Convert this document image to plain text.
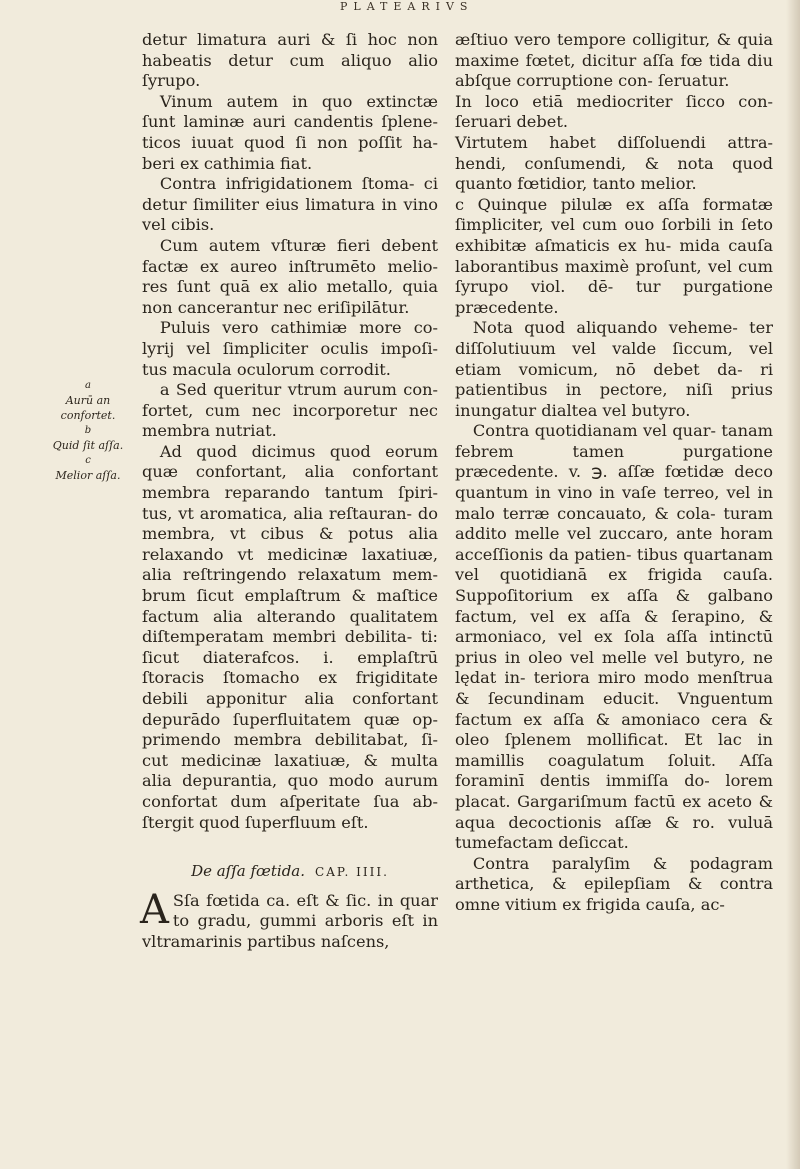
PLATEARIVS
a
Aurū an confortet.
b
Quid ſit aſſa.
c
Melior aſſa.

detur limatura auri & ſi hoc non habeatis detur cum aliquo alio ſyrupo.

Vinum autem in quo extinctæ ſunt laminæ auri candentis ſplene- ticos iuuat quod ſi non poſſit ha- beri ex cathimia fiat.

Contra infrigidationem ſtoma- ci detur ſimiliter eius limatura in vino vel cibis.

Cum autem vſturæ fieri debent factæ ex aureo inſtrumēto melio- res ſunt quā ex alio metallo, quia non cancerantur nec eriſipilātur.

Puluis vero cathimiæ more co- lyrij vel ſimpliciter oculis impoſi- tus macula oculorum corrodit.

a Sed queritur vtrum aurum con- fortet, cum nec incorporetur nec membra nutriat.

Ad quod dicimus quod eorum quæ confortant, alia confortant membra reparando tantum ſpiri- tus, vt aromatica, alia reſtauran- do membra, vt cibus & potus alia relaxando vt medicinæ laxatiuæ, alia reſtringendo relaxatum mem- brum ſicut emplaſtrum & maſtice factum alia alterando qualitatem diſtemperatam membri debilita- ti: ſicut diaterafcos. i. emplaſtrū ſtoracis ſtomacho ex frigiditate debili apponitur alia confortant depurādo ſuperfluitatem quæ op- primendo membra debilitabat, ſi- cut medicinæ laxatiuæ, & multa alia depurantia, quo modo aurum confortat dum aſperitate ſua ab- ſtergit quod ſuperfluum eſt.

De aſſa fœtida. CAP. IIII.

A Sſa fœtida ca. eſt & ſic. in quar to gradu, gummi arboris eſt in vltramarinis partibus naſcens,

æſtiuo vero tempore colligitur, & quia maxime fœtet, dicitur aſſa fœ tida diu abſque corruptione con- ſeruatur.

In loco etiā mediocriter ſicco con- ſeruari debet.

Virtutem habet diſſoluendi attra- hendi, conſumendi, & nota quod quanto fœtidior, tanto melior.

c Quinque pilulæ ex aſſa formatæ ſimpliciter, vel cum ouo ſorbili in ſeto exhibitæ aſmaticis ex hu- mida cauſa laborantibus maximè proſunt, vel cum ſyrupo viol. dē- tur purgatione præcedente.

Nota quod aliquando veheme- ter diſſolutiuum vel valde ſiccum, vel etiam vomicum, nō debet da- ri patientibus in pectore, niſi prius inungatur dialtea vel butyro.

Contra quotidianam vel quar- tanam febrem tamen purgatione præcedente. v. ℈. aſſæ fœtidæ deco quantum in vino in vaſe terreo, vel in malo terræ concauato, & cola- turam addito melle vel zuccaro, ante horam acceſſionis da patien- tibus quartanam vel quotidianā ex frigida cauſa. Suppoſitorium ex aſſa & galbano factum, vel ex aſſa & ſerapino, & armoniaco, vel ex ſola aſſa intinctū prius in oleo vel melle vel butyro, ne lędat in- teriora miro modo menſtrua & ſecundinam educit. Vnguentum factum ex aſſa & amoniaco cera & oleo ſplenem mollificat. Et lac in mamillis coagulatum ſoluit. Aſſa foraminī dentis immiſſa do- lorem placat. Gargariſmum factū ex aceto & aqua decoctionis aſſæ & ro. vuluā tumefactam deſiccat.

Contra paralyſim & podagram arthetica, & epilepſiam & contra omne vitium ex frigida cauſa, ac-
